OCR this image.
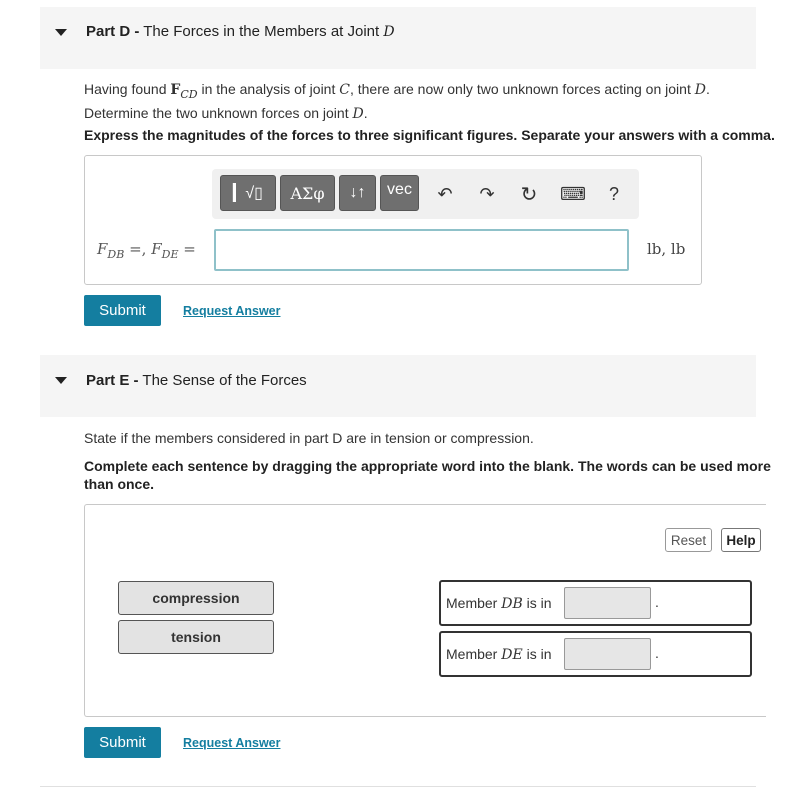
Part D - The Forces in the Members at Joint D
Having found $F_{CD}$ in the analysis of joint C, there are now only two unknown forces acting on joint D.
Determine the two unknown forces on joint D.
Express the magnitudes of the forces to three significant figures. Separate your answers with a comma.
▎√▯	ΑΣφ	↓↑	vec	↶ ↷ ↻ ⌨	?
$F_{DB}$ =, $F_{DE}$ =	lb, lb
Submit	Request Answer
Part E - The Sense of the Forces
State if the members considered in part D are in tension or compression.
Complete each sentence by dragging the appropriate word into the blank. The words can be used more
than once.
Reset	Help
compression
tension
Member DB is in	.
Member DE is in	.
Submit	Request Answer
